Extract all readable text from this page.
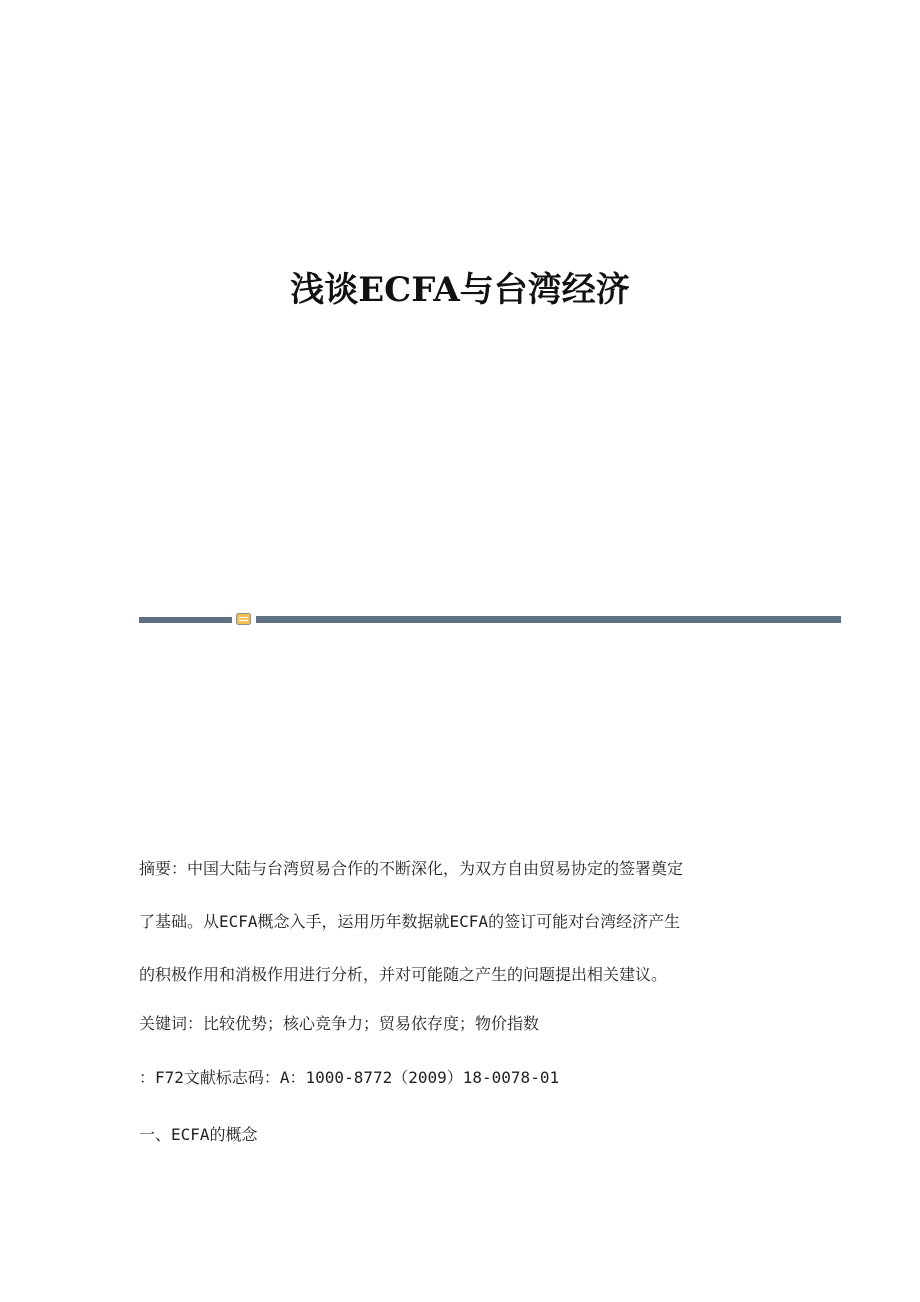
浅谈ECFA与台湾经济
摘要：中国大陆与台湾贸易合作的不断深化，为双方自由贸易协定的签署奠定
了基础。从ECFA概念入手，运用历年数据就ECFA的签订可能对台湾经济产生
的积极作用和消极作用进行分析，并对可能随之产生的问题提出相关建议。

关键词：比较优势；核心竞争力；贸易依存度；物价指数

：F72文献标志码：A：1000-8772（2009）18-0078-01

一、ECFA的概念
